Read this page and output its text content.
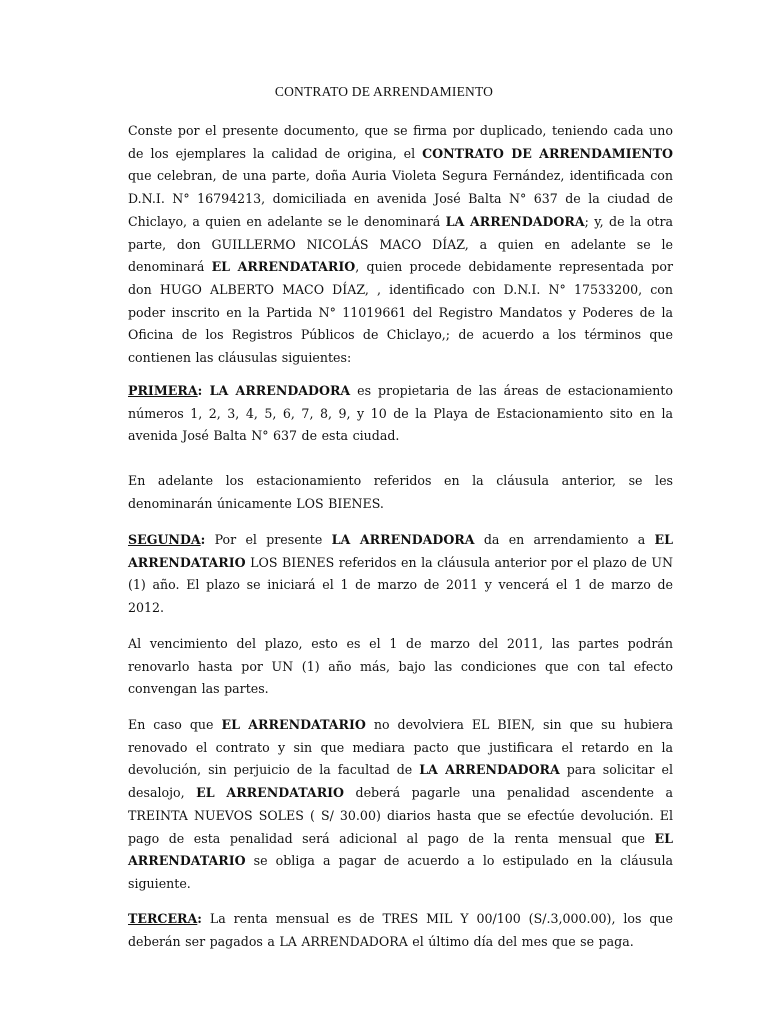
CONTRATO DE ARRENDAMIENTO
Conste por el presente documento, que se firma por duplicado, teniendo cada uno de los ejemplares la calidad de origina, el CONTRATO DE ARRENDAMIENTO que celebran, de una parte, doña Auria Violeta Segura Fernández, identificada con D.N.I. N° 16794213, domiciliada en avenida José Balta N° 637 de la ciudad de Chiclayo, a quien en adelante se le denominará LA ARRENDADORA; y, de la otra parte, don GUILLERMO NICOLÁS MACO DÍAZ, a quien en adelante se le denominará EL ARRENDATARIO, quien procede debidamente representada por don HUGO ALBERTO MACO DÍAZ, , identificado con D.N.I. N° 17533200, con poder inscrito en la Partida N° 11019661 del Registro Mandatos y Poderes de la Oficina de los Registros Públicos de Chiclayo,; de acuerdo a los términos que contienen las cláusulas siguientes:
PRIMERA: LA ARRENDADORA es propietaria de las áreas de estacionamiento números 1, 2, 3, 4, 5, 6, 7, 8, 9, y 10 de la Playa de Estacionamiento sito en la avenida José Balta N° 637 de esta ciudad.
En adelante los estacionamiento referidos en la cláusula anterior, se les denominarán únicamente LOS BIENES.
SEGUNDA: Por el presente LA ARRENDADORA da en arrendamiento a EL ARRENDATARIO LOS BIENES referidos en la cláusula anterior por el plazo de UN (1) año. El plazo se iniciará el 1 de marzo de 2011 y vencerá el 1 de marzo de 2012.
Al vencimiento del plazo, esto es el 1 de marzo del 2011, las partes podrán renovarlo hasta por UN (1) año más, bajo las condiciones que con tal efecto convengan las partes.
En caso que EL ARRENDATARIO no devolviera EL BIEN, sin que su hubiera renovado el contrato y sin que mediara pacto que justificara el retardo en la devolución, sin perjuicio de la facultad de LA ARRENDADORA para solicitar el desalojo, EL ARRENDATARIO deberá pagarle una penalidad ascendente a TREINTA NUEVOS SOLES ( S/ 30.00) diarios hasta que se efectúe devolución. El pago de esta penalidad será adicional al pago de la renta mensual que EL ARRENDATARIO se obliga a pagar de acuerdo a lo estipulado en la cláusula siguiente.
TERCERA: La renta mensual es de TRES MIL Y 00/100 (S/.3,000.00), los que deberán ser pagados a LA ARRENDADORA el último día del mes que se paga.
